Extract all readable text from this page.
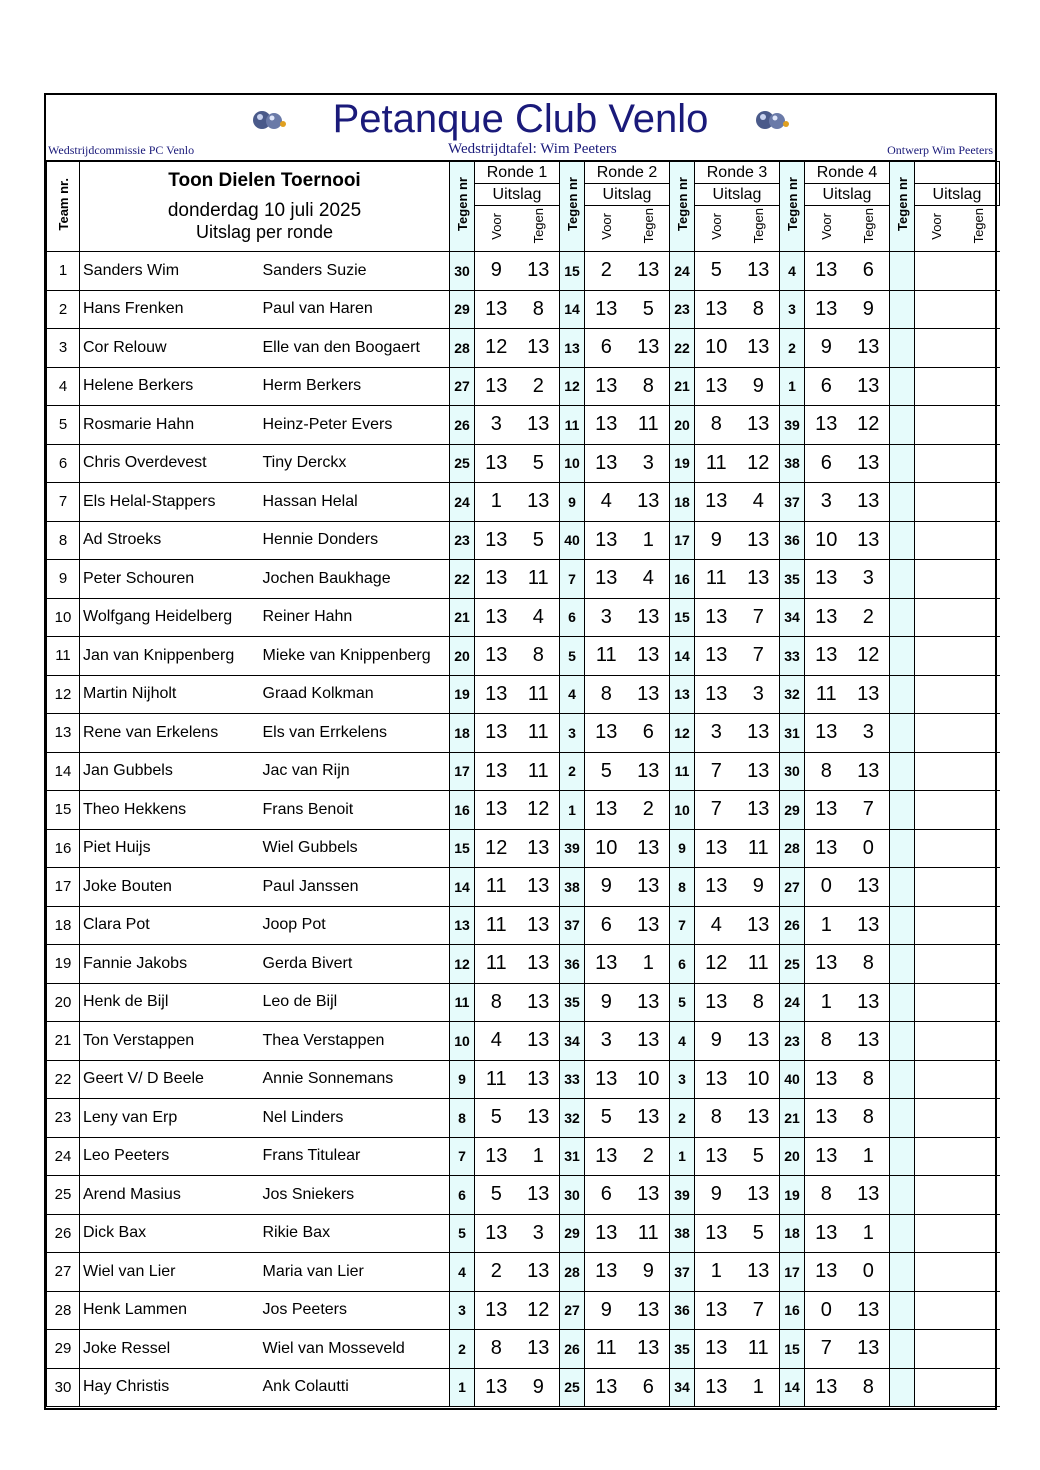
Petanque Club Venlo
Wedstrijdcommissie PC Venlo	Wedstrijdtafel: Wim Peeters	Ontwerp Wim Peeters
Team nr.	Toon Dielen Toernooi
donderdag 10 juli 2025
Uitslag per ronde		Tegen nr	Ronde 1		Tegen nr	Ronde 2		Tegen nr	Ronde 3		Tegen nr	Ronde 4		Tegen nr		
				Uitslag			Uitslag			Uitslag			Uitslag			Uitslag	
				Voor	Tegen		Voor	Tegen		Voor	Tegen		Voor	Tegen		Voor	Tegen
1	Sanders Wim	Sanders Suzie	30	9	13	15	2	13	24	5	13	4	13	6			
2	Hans Frenken	Paul van Haren	29	13	8	14	13	5	23	13	8	3	13	9			
3	Cor Relouw	Elle van den Boogaert	28	12	13	13	6	13	22	10	13	2	9	13			
4	Helene Berkers	Herm Berkers	27	13	2	12	13	8	21	13	9	1	6	13			
5	Rosmarie Hahn	Heinz-Peter Evers	26	3	13	11	13	11	20	8	13	39	13	12			
6	Chris Overdevest	Tiny Derckx	25	13	5	10	13	3	19	11	12	38	6	13			
7	Els Helal-Stappers	Hassan Helal	24	1	13	9	4	13	18	13	4	37	3	13			
8	Ad Stroeks	Hennie Donders	23	13	5	40	13	1	17	9	13	36	10	13			
9	Peter Schouren	Jochen Baukhage	22	13	11	7	13	4	16	11	13	35	13	3			
10	Wolfgang Heidelberg	Reiner Hahn	21	13	4	6	3	13	15	13	7	34	13	2			
11	Jan van Knippenberg	Mieke van Knippenberg	20	13	8	5	11	13	14	13	7	33	13	12			
12	Martin Nijholt	Graad Kolkman	19	13	11	4	8	13	13	13	3	32	11	13			
13	Rene van Erkelens	Els van Errkelens	18	13	11	3	13	6	12	3	13	31	13	3			
14	Jan Gubbels	Jac van Rijn	17	13	11	2	5	13	11	7	13	30	8	13			
15	Theo Hekkens	Frans Benoit	16	13	12	1	13	2	10	7	13	29	13	7			
16	Piet Huijs	Wiel Gubbels	15	12	13	39	10	13	9	13	11	28	13	0			
17	Joke Bouten	Paul Janssen	14	11	13	38	9	13	8	13	9	27	0	13			
18	Clara Pot	Joop Pot	13	11	13	37	6	13	7	4	13	26	1	13			
19	Fannie Jakobs	Gerda Bivert	12	11	13	36	13	1	6	12	11	25	13	8			
20	Henk de Bijl	Leo de Bijl	11	8	13	35	9	13	5	13	8	24	1	13			
21	Ton Verstappen	Thea Verstappen	10	4	13	34	3	13	4	9	13	23	8	13			
22	Geert V/ D Beele	Annie Sonnemans	9	11	13	33	13	10	3	13	10	40	13	8			
23	Leny van Erp	Nel Linders	8	5	13	32	5	13	2	8	13	21	13	8			
24	Leo Peeters	Frans Titulear	7	13	1	31	13	2	1	13	5	20	13	1			
25	Arend Masius	Jos Sniekers	6	5	13	30	6	13	39	9	13	19	8	13			
26	Dick Bax	Rikie Bax	5	13	3	29	13	11	38	13	5	18	13	1			
27	Wiel van Lier	Maria van Lier	4	2	13	28	13	9	37	1	13	17	13	0			
28	Henk Lammen	Jos Peeters	3	13	12	27	9	13	36	13	7	16	0	13			
29	Joke Ressel	Wiel van Mosseveld	2	8	13	26	11	13	35	13	11	15	7	13			
30	Hay Christis	Ank Colautti	1	13	9	25	13	6	34	13	1	14	13	8			
